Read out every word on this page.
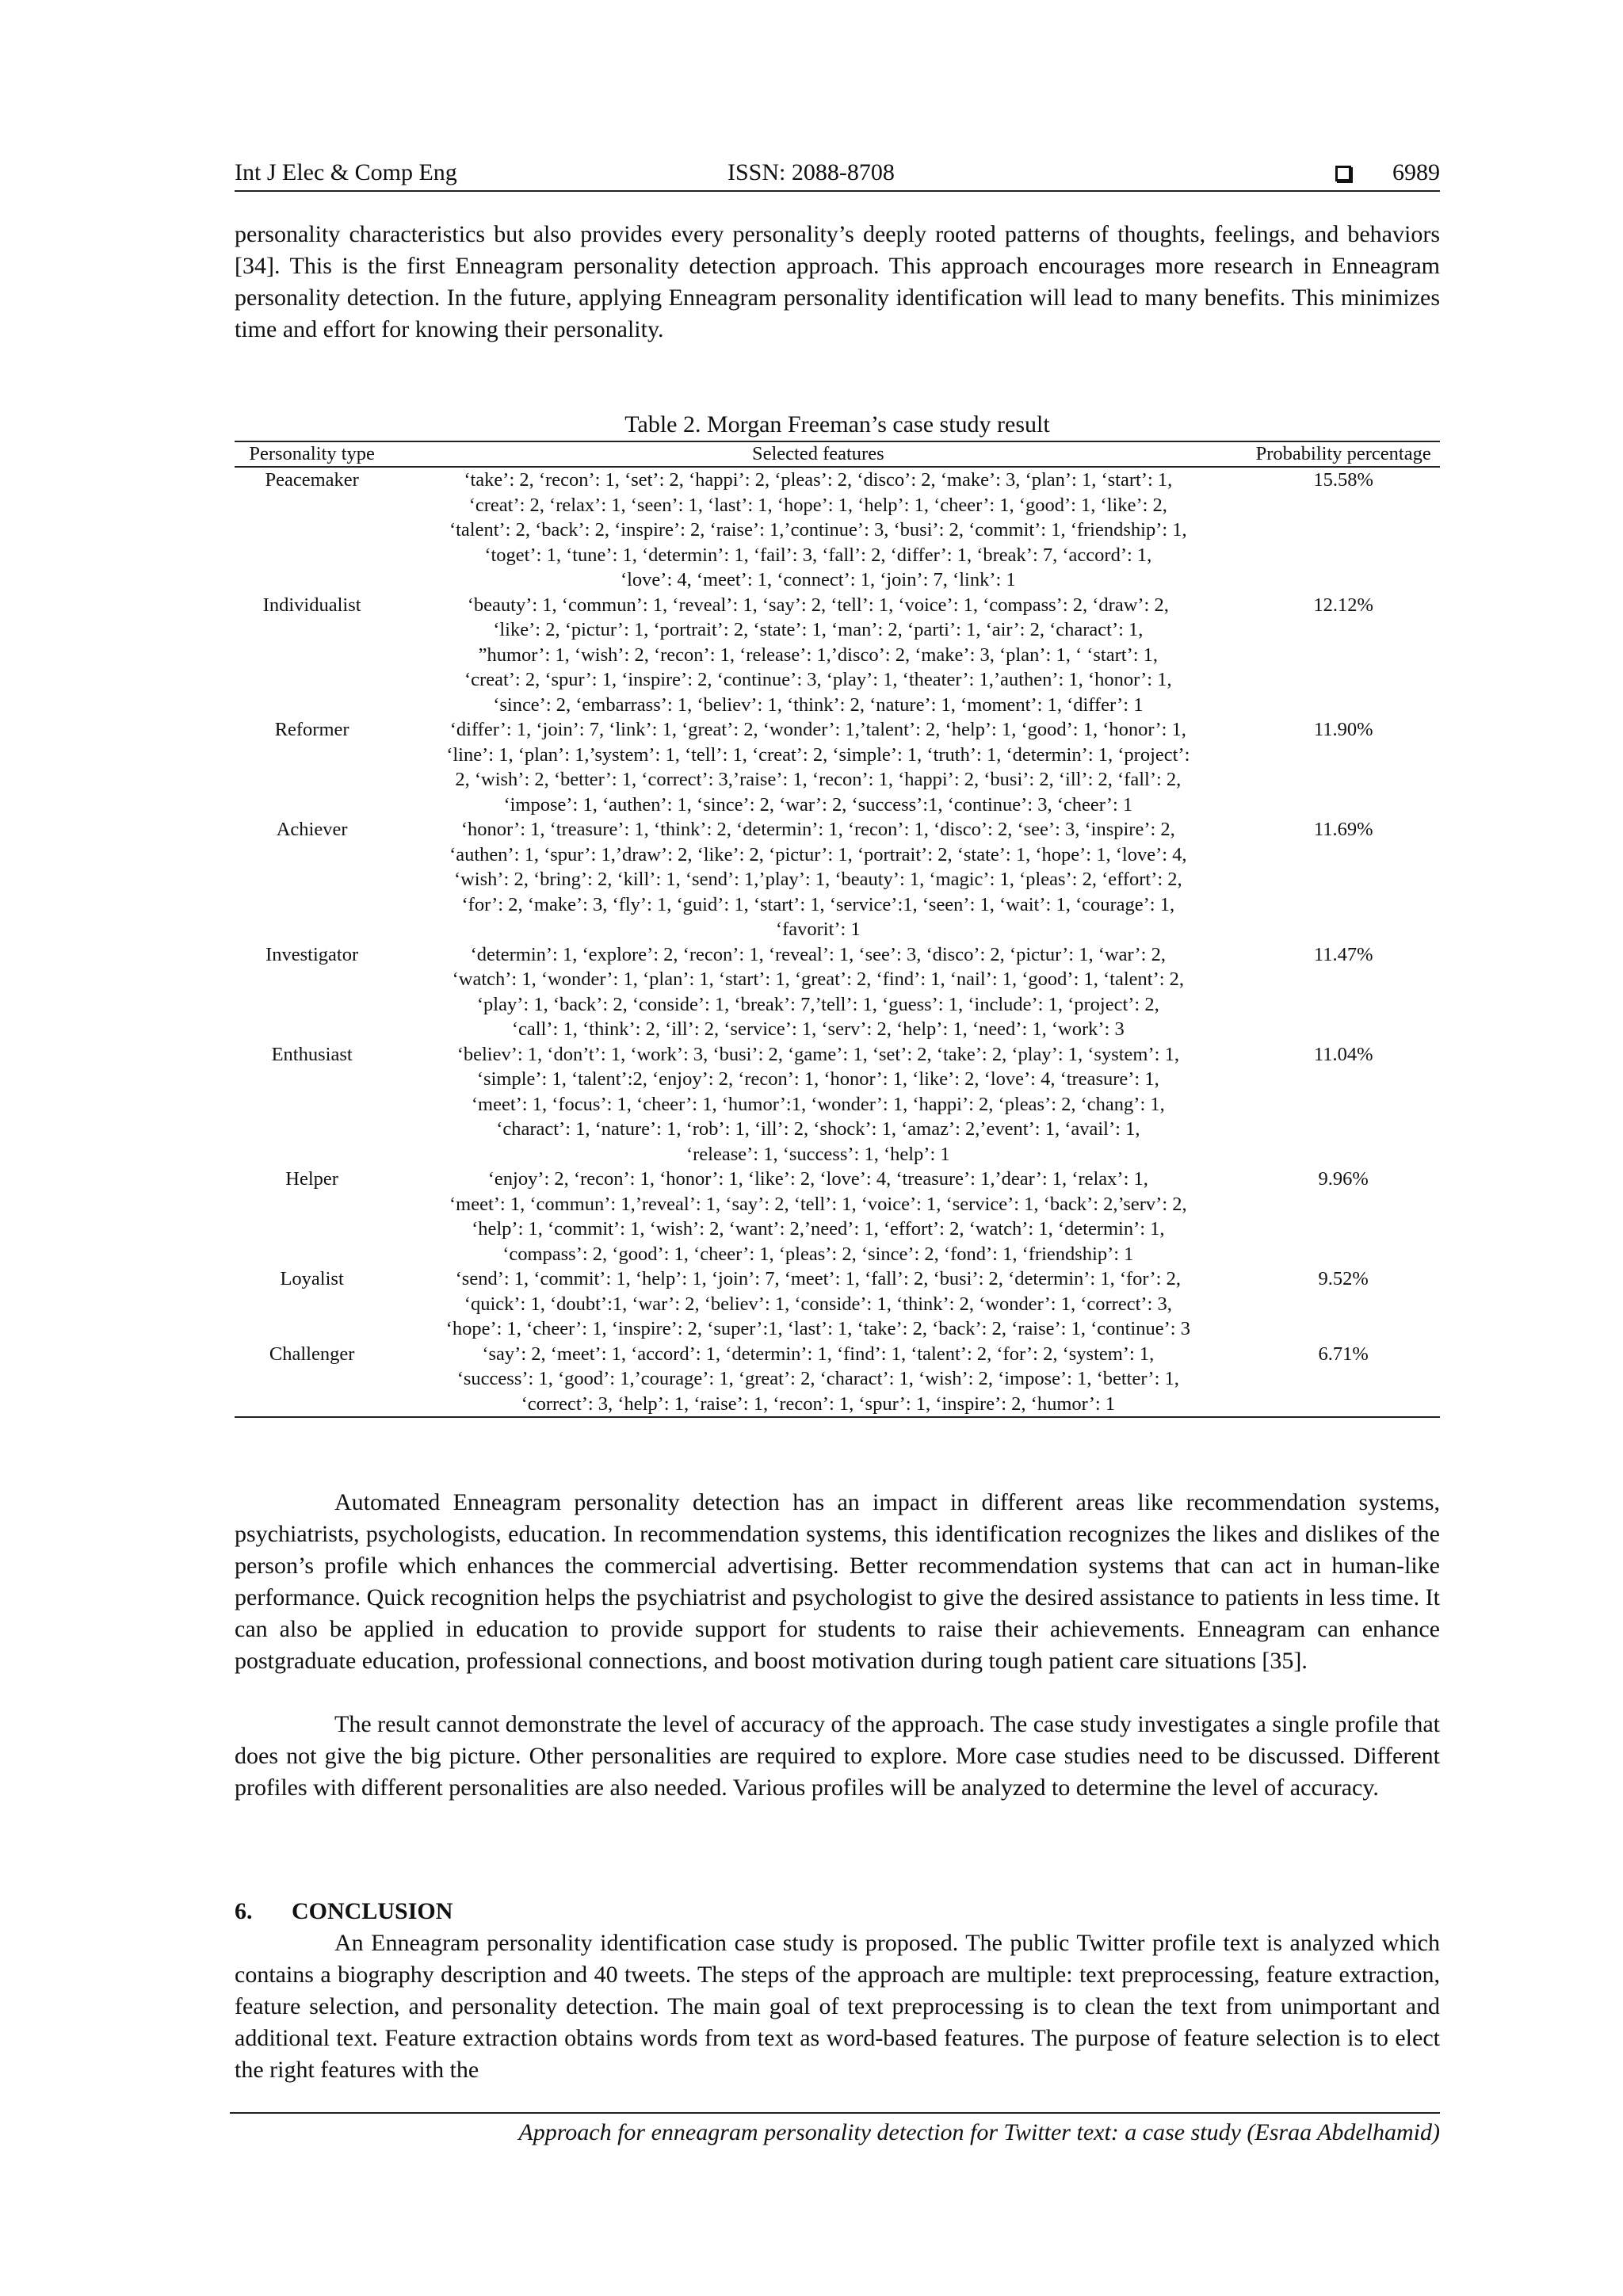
Int J Elec & Comp Eng	ISSN: 2088-8708	6989

personality characteristics but also provides every personality’s deeply rooted patterns of thoughts, feelings, and behaviors [34]. This is the first Enneagram personality detection approach. This approach encourages more research in Enneagram personality detection. In the future, applying Enneagram personality identification will lead to many benefits. This minimizes time and effort for knowing their personality.

Table 2. Morgan Freeman’s case study result

Personality type	Selected features	Probability percentage
Peacemaker	‘take’: 2, ‘recon’: 1, ‘set’: 2, ‘happi’: 2, ‘pleas’: 2, ‘disco’: 2, ‘make’: 3, ‘plan’: 1, ‘start’: 1,
‘creat’: 2, ‘relax’: 1, ‘seen’: 1, ‘last’: 1, ‘hope’: 1, ‘help’: 1, ‘cheer’: 1, ‘good’: 1, ‘like’: 2,
‘talent’: 2, ‘back’: 2, ‘inspire’: 2, ‘raise’: 1,’continue’: 3, ‘busi’: 2, ‘commit’: 1, ‘friendship’: 1,
‘toget’: 1, ‘tune’: 1, ‘determin’: 1, ‘fail’: 3, ‘fall’: 2, ‘differ’: 1, ‘break’: 7, ‘accord’: 1,
‘love’: 4, ‘meet’: 1, ‘connect’: 1, ‘join’: 7, ‘link’: 1	15.58%
Individualist	‘beauty’: 1, ‘commun’: 1, ‘reveal’: 1, ‘say’: 2, ‘tell’: 1, ‘voice’: 1, ‘compass’: 2, ‘draw’: 2,
‘like’: 2, ‘pictur’: 1, ‘portrait’: 2, ‘state’: 1, ‘man’: 2, ‘parti’: 1, ‘air’: 2, ‘charact’: 1,
”humor’: 1, ‘wish’: 2, ‘recon’: 1, ‘release’: 1,’disco’: 2, ‘make’: 3, ‘plan’: 1, ‘ ‘start’: 1,
‘creat’: 2, ‘spur’: 1, ‘inspire’: 2, ‘continue’: 3, ‘play’: 1, ‘theater’: 1,’authen’: 1, ‘honor’: 1,
‘since’: 2, ‘embarrass’: 1, ‘believ’: 1, ‘think’: 2, ‘nature’: 1, ‘moment’: 1, ‘differ’: 1	12.12%
Reformer	‘differ’: 1, ‘join’: 7, ‘link’: 1, ‘great’: 2, ‘wonder’: 1,’talent’: 2, ‘help’: 1, ‘good’: 1, ‘honor’: 1,
‘line’: 1, ‘plan’: 1,’system’: 1, ‘tell’: 1, ‘creat’: 2, ‘simple’: 1, ‘truth’: 1, ‘determin’: 1, ‘project’:
2, ‘wish’: 2, ‘better’: 1, ‘correct’: 3,’raise’: 1, ‘recon’: 1, ‘happi’: 2, ‘busi’: 2, ‘ill’: 2, ‘fall’: 2,
‘impose’: 1, ‘authen’: 1, ‘since’: 2, ‘war’: 2, ‘success’:1, ‘continue’: 3, ‘cheer’: 1	11.90%
Achiever	‘honor’: 1, ‘treasure’: 1, ‘think’: 2, ‘determin’: 1, ‘recon’: 1, ‘disco’: 2, ‘see’: 3, ‘inspire’: 2,
‘authen’: 1, ‘spur’: 1,’draw’: 2, ‘like’: 2, ‘pictur’: 1, ‘portrait’: 2, ‘state’: 1, ‘hope’: 1, ‘love’: 4,
‘wish’: 2, ‘bring’: 2, ‘kill’: 1, ‘send’: 1,’play’: 1, ‘beauty’: 1, ‘magic’: 1, ‘pleas’: 2, ‘effort’: 2,
‘for’: 2, ‘make’: 3, ‘fly’: 1, ‘guid’: 1, ‘start’: 1, ‘service’:1, ‘seen’: 1, ‘wait’: 1, ‘courage’: 1,
‘favorit’: 1	11.69%
Investigator	‘determin’: 1, ‘explore’: 2, ‘recon’: 1, ‘reveal’: 1, ‘see’: 3, ‘disco’: 2, ‘pictur’: 1, ‘war’: 2,
‘watch’: 1, ‘wonder’: 1, ‘plan’: 1, ‘start’: 1, ‘great’: 2, ‘find’: 1, ‘nail’: 1, ‘good’: 1, ‘talent’: 2,
‘play’: 1, ‘back’: 2, ‘conside’: 1, ‘break’: 7,’tell’: 1, ‘guess’: 1, ‘include’: 1, ‘project’: 2,
‘call’: 1, ‘think’: 2, ‘ill’: 2, ‘service’: 1, ‘serv’: 2, ‘help’: 1, ‘need’: 1, ‘work’: 3	11.47%
Enthusiast	‘believ’: 1, ‘don’t’: 1, ‘work’: 3, ‘busi’: 2, ‘game’: 1, ‘set’: 2, ‘take’: 2, ‘play’: 1, ‘system’: 1,
‘simple’: 1, ‘talent’:2, ‘enjoy’: 2, ‘recon’: 1, ‘honor’: 1, ‘like’: 2, ‘love’: 4, ‘treasure’: 1,
‘meet’: 1, ‘focus’: 1, ‘cheer’: 1, ‘humor’:1, ‘wonder’: 1, ‘happi’: 2, ‘pleas’: 2, ‘chang’: 1,
‘charact’: 1, ‘nature’: 1, ‘rob’: 1, ‘ill’: 2, ‘shock’: 1, ‘amaz’: 2,’event’: 1, ‘avail’: 1,
‘release’: 1, ‘success’: 1, ‘help’: 1	11.04%
Helper	‘enjoy’: 2, ‘recon’: 1, ‘honor’: 1, ‘like’: 2, ‘love’: 4, ‘treasure’: 1,’dear’: 1, ‘relax’: 1,
‘meet’: 1, ‘commun’: 1,’reveal’: 1, ‘say’: 2, ‘tell’: 1, ‘voice’: 1, ‘service’: 1, ‘back’: 2,’serv’: 2,
‘help’: 1, ‘commit’: 1, ‘wish’: 2, ‘want’: 2,’need’: 1, ‘effort’: 2, ‘watch’: 1, ‘determin’: 1,
‘compass’: 2, ‘good’: 1, ‘cheer’: 1, ‘pleas’: 2, ‘since’: 2, ‘fond’: 1, ‘friendship’: 1	9.96%
Loyalist	‘send’: 1, ‘commit’: 1, ‘help’: 1, ‘join’: 7, ‘meet’: 1, ‘fall’: 2, ‘busi’: 2, ‘determin’: 1, ‘for’: 2,
‘quick’: 1, ‘doubt’:1, ‘war’: 2, ‘believ’: 1, ‘conside’: 1, ‘think’: 2, ‘wonder’: 1, ‘correct’: 3,
‘hope’: 1, ‘cheer’: 1, ‘inspire’: 2, ‘super’:1, ‘last’: 1, ‘take’: 2, ‘back’: 2, ‘raise’: 1, ‘continue’: 3	9.52%
Challenger	‘say’: 2, ‘meet’: 1, ‘accord’: 1, ‘determin’: 1, ‘find’: 1, ‘talent’: 2, ‘for’: 2, ‘system’: 1,
‘success’: 1, ‘good’: 1,’courage’: 1, ‘great’: 2, ‘charact’: 1, ‘wish’: 2, ‘impose’: 1, ‘better’: 1,
‘correct’: 3, ‘help’: 1, ‘raise’: 1, ‘recon’: 1, ‘spur’: 1, ‘inspire’: 2, ‘humor’: 1	6.71%

Automated Enneagram personality detection has an impact in different areas like recommendation systems, psychiatrists, psychologists, education. In recommendation systems, this identification recognizes the likes and dislikes of the person’s profile which enhances the commercial advertising. Better recommendation systems that can act in human-like performance. Quick recognition helps the psychiatrist and psychologist to give the desired assistance to patients in less time. It can also be applied in education to provide support for students to raise their achievements. Enneagram can enhance postgraduate education, professional connections, and boost motivation during tough patient care situations [35].

The result cannot demonstrate the level of accuracy of the approach. The case study investigates a single profile that does not give the big picture. Other personalities are required to explore. More case studies need to be discussed. Different profiles with different personalities are also needed. Various profiles will be analyzed to determine the level of accuracy.

6. CONCLUSION

An Enneagram personality identification case study is proposed. The public Twitter profile text is analyzed which contains a biography description and 40 tweets. The steps of the approach are multiple: text preprocessing, feature extraction, feature selection, and personality detection. The main goal of text preprocessing is to clean the text from unimportant and additional text. Feature extraction obtains words from text as word-based features. The purpose of feature selection is to elect the right features with the

Approach for enneagram personality detection for Twitter text: a case study (Esraa Abdelhamid)
